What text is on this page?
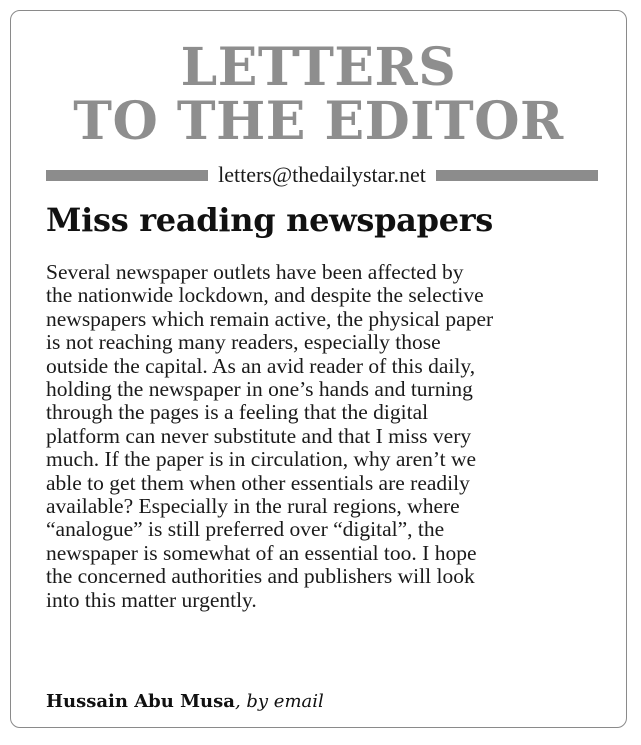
LETTERS
TO THE EDITOR
letters@thedailystar.net
Miss reading newspapers
Several newspaper outlets have been affected by
the nationwide lockdown, and despite the selective
newspapers which remain active, the physical paper
is not reaching many readers, especially those
outside the capital. As an avid reader of this daily,
holding the newspaper in one’s hands and turning
through the pages is a feeling that the digital
platform can never substitute and that I miss very
much. If the paper is in circulation, why aren’t we
able to get them when other essentials are readily
available? Especially in the rural regions, where
“analogue” is still preferred over “digital”, the
newspaper is somewhat of an essential too. I hope
the concerned authorities and publishers will look
into this matter urgently.
Hussain Abu Musa, by email
